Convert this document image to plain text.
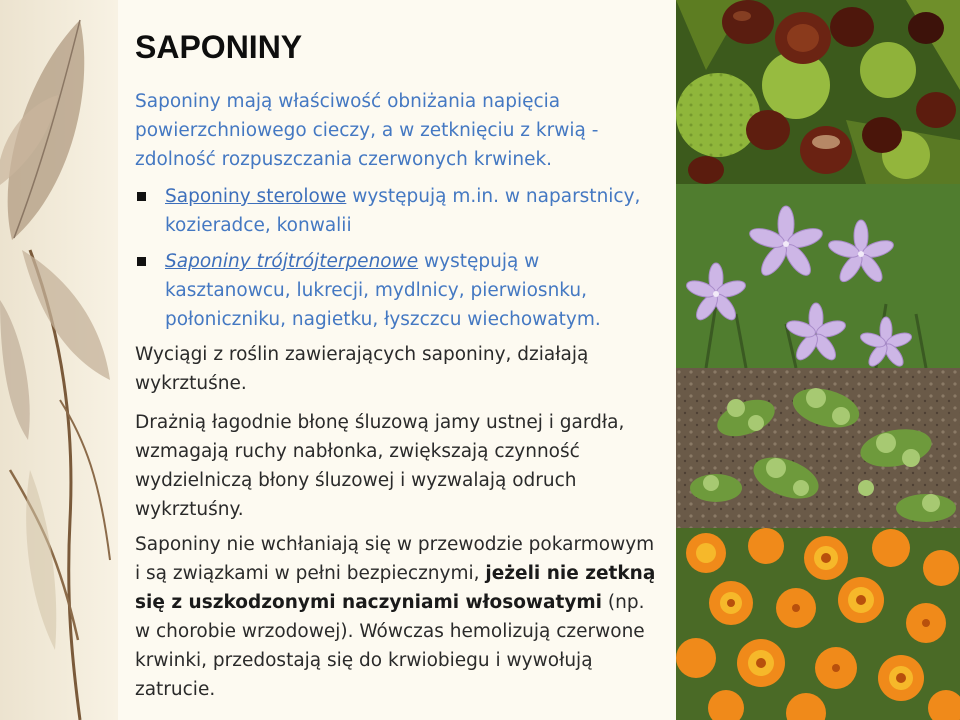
SAPONINY
Saponiny mają właściwość obniżania napięcia powierzchniowego cieczy, a w zetknięciu z krwią - zdolność rozpuszczania czerwonych krwinek.
Saponiny sterolowe występują m.in. w naparstnicy, kozieradce, konwalii
Saponiny trójtrójterpenowe występują w kasztanowcu, lukrecji, mydlnicy, pierwiosnku, połoniczniku, nagietku, łyszczcu wiechowatym.
Wyciągi z roślin zawierających saponiny, działają wykrztuśne.
Drażnią łagodnie błonę śluzową jamy ustnej i gardła, wzmagają ruchy nabłonka, zwiększają czynność wydzielniczą błony śluzowej i wyzwalają odruch wykrztuśny.
Saponiny nie wchłaniają się w przewodzie pokarmowym i są związkami w pełni bezpiecznymi, jeżeli nie zetkną się z uszkodzonymi naczyniami włosowatymi (np. w chorobie wrzodowej). Wówczas hemolizują czerwone krwinki, przedostają się do krwiobiegu i wywołują zatrucie.
